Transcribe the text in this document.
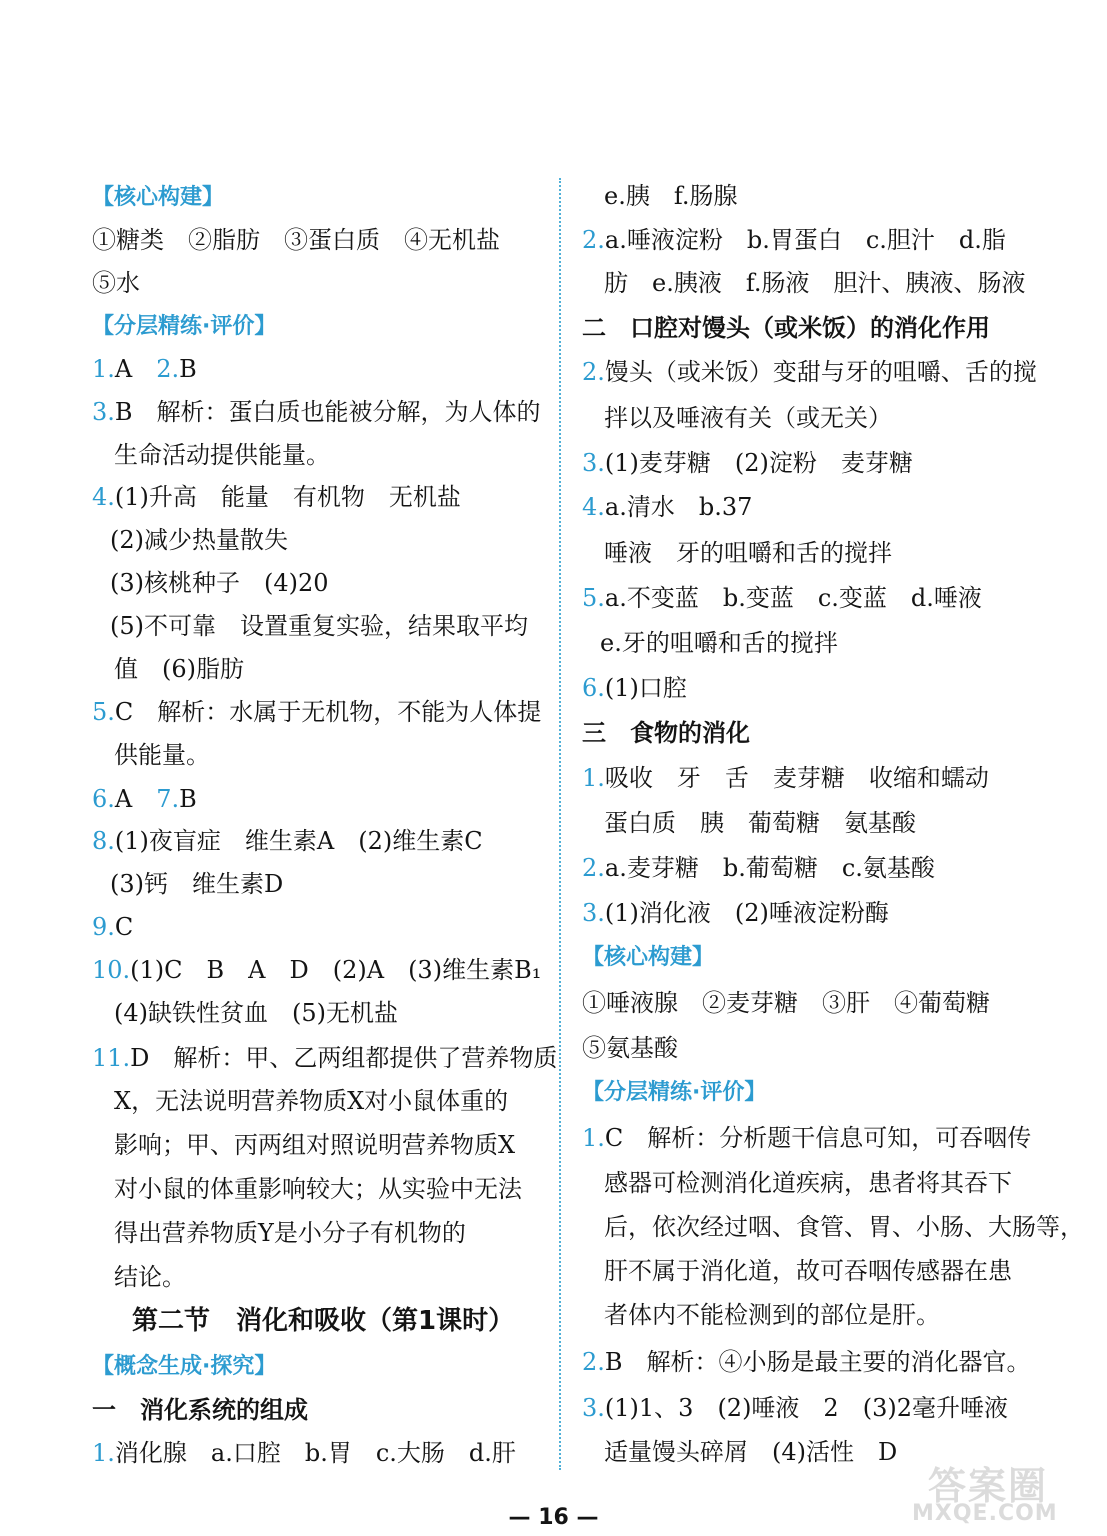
【核心构建】
①糖类　②脂肪　③蛋白质　④无机盐
⑤水
【分层精练·评价】
1.A　2.B
3.B　解析：蛋白质也能被分解，为人体的
生命活动提供能量。
4.(1)升高　能量　有机物　无机盐
(2)减少热量散失
(3)核桃种子　(4)20
(5)不可靠　设置重复实验，结果取平均
值　(6)脂肪
5.C　解析：水属于无机物，不能为人体提
供能量。
6.A　7.B
8.(1)夜盲症　维生素A　(2)维生素C
(3)钙　维生素D
9.C
10.(1)C　B　A　D　(2)A　(3)维生素B₁
(4)缺铁性贫血　(5)无机盐
11.D　解析：甲、乙两组都提供了营养物质
X，无法说明营养物质X对小鼠体重的
影响；甲、丙两组对照说明营养物质X
对小鼠的体重影响较大；从实验中无法
得出营养物质Y是小分子有机物的
结论。
第二节　消化和吸收（第1课时）
【概念生成·探究】
一　消化系统的组成
1.消化腺　a.口腔　b.胃　c.大肠　d.肝
e.胰　f.肠腺
2.a.唾液淀粉　b.胃蛋白　c.胆汁　d.脂
肪　e.胰液　f.肠液　胆汁、胰液、肠液
二　口腔对馒头（或米饭）的消化作用
2.馒头（或米饭）变甜与牙的咀嚼、舌的搅
拌以及唾液有关（或无关）
3.(1)麦芽糖　(2)淀粉　麦芽糖
4.a.清水　b.37
唾液　牙的咀嚼和舌的搅拌
5.a.不变蓝　b.变蓝　c.变蓝　d.唾液
e.牙的咀嚼和舌的搅拌
6.(1)口腔
三　食物的消化
1.吸收　牙　舌　麦芽糖　收缩和蠕动
蛋白质　胰　葡萄糖　氨基酸
2.a.麦芽糖　b.葡萄糖　c.氨基酸
3.(1)消化液　(2)唾液淀粉酶
【核心构建】
①唾液腺　②麦芽糖　③肝　④葡萄糖
⑤氨基酸
【分层精练·评价】
1.C　解析：分析题干信息可知，可吞咽传
感器可检测消化道疾病，患者将其吞下
后，依次经过咽、食管、胃、小肠、大肠等，
肝不属于消化道，故可吞咽传感器在患
者体内不能检测到的部位是肝。
2.B　解析：④小肠是最主要的消化器官。
3.(1)1、3　(2)唾液　2　(3)2毫升唾液
适量馒头碎屑　(4)活性　D
— 16 —
答案圈
MXQE.COM
